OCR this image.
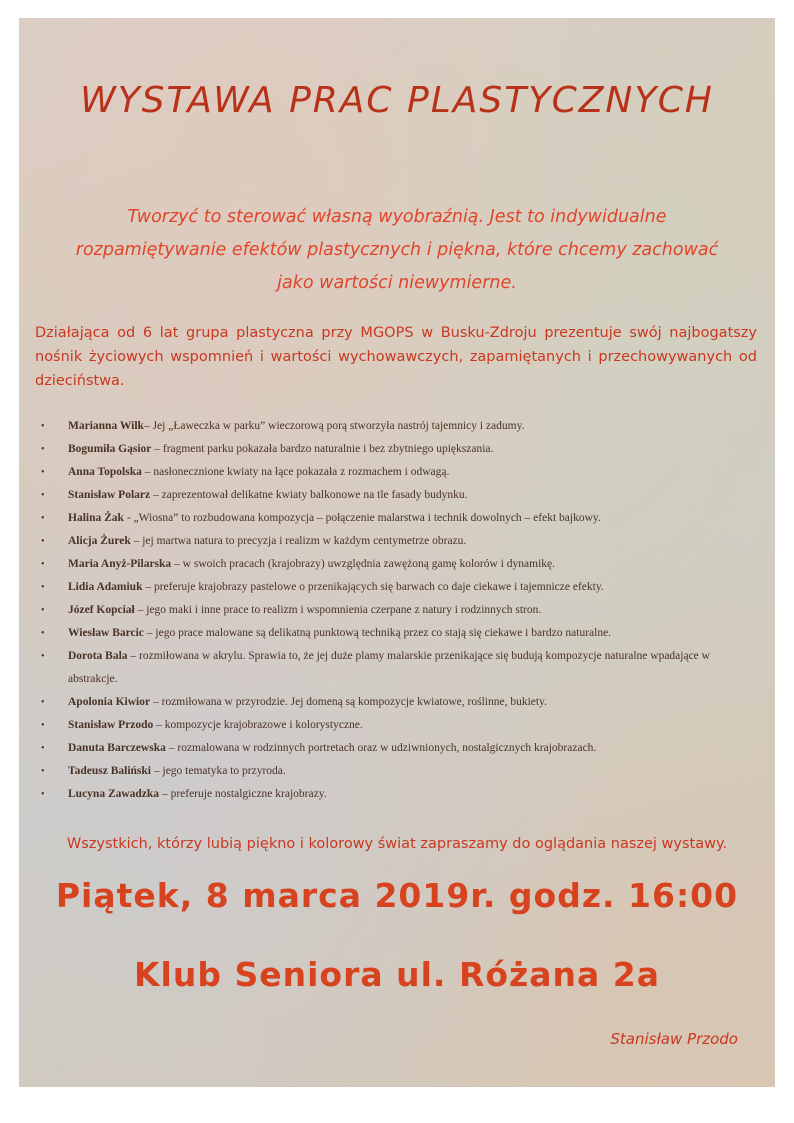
WYSTAWA PRAC PLASTYCZNYCH

Tworzyć to sterować własną wyobraźnią. Jest to indywidualne
rozpamiętywanie efektów plastycznych i piękna, które chcemy zachować
jako wartości niewymierne.

Działająca od 6 lat grupa plastyczna przy MGOPS w Busku-Zdroju prezentuje swój najbogatszy nośnik życiowych wspomnień i wartości wychowawczych, zapamiętanych i przechowywanych od dzieciństwa.

• Marianna Wilk– Jej „Ławeczka w parku” wieczorową porą stworzyła nastrój tajemnicy i zadumy.
• Bogumiła Gąsior – fragment parku pokazała bardzo naturalnie i bez zbytniego upiększania.
• Anna Topolska – nasłonecznione kwiaty na łące pokazała z rozmachem i odwagą.
• Stanisław Polarz – zaprezentował delikatne kwiaty balkonowe na tle fasady budynku.
• Halina Żak - „Wiosna” to rozbudowana kompozycja – połączenie malarstwa i technik dowolnych – efekt bajkowy.
• Alicja Żurek – jej martwa natura to precyzja i realizm w każdym centymetrze obrazu.
• Maria Anyż-Pilarska – w swoich pracach (krajobrazy) uwzględnia zawężoną gamę kolorów i dynamikę.
• Lidia Adamiuk – preferuje krajobrazy pastelowe o przenikających się barwach co daje ciekawe i tajemnicze efekty.
• Józef Kopciał – jego maki i inne prace to realizm i wspomnienia czerpane z natury i rodzinnych stron.
• Wiesław Barcic – jego prace malowane są delikatną punktową techniką przez co stają się ciekawe i bardzo naturalne.
• Dorota Bala – rozmiłowana w akrylu. Sprawia to, że jej duże plamy malarskie przenikające się budują kompozycje naturalne wpadające w abstrakcje.
• Apolonia Kiwior – rozmiłowana w przyrodzie. Jej domeną są kompozycje kwiatowe, roślinne, bukiety.
• Stanisław Przodo – kompozycje krajobrazowe i kolorystyczne.
• Danuta Barczewska – rozmalowana w rodzinnych portretach oraz w udziwnionych, nostalgicznych krajobrazach.
• Tadeusz Baliński – jego tematyka to przyroda.
• Lucyna Zawadzka – preferuje nostalgiczne krajobrazy.

Wszystkich, którzy lubią piękno i kolorowy świat zapraszamy do oglądania naszej wystawy.

Piątek, 8 marca 2019r. godz. 16:00

Klub Seniora ul. Różana 2a

Stanisław Przodo
